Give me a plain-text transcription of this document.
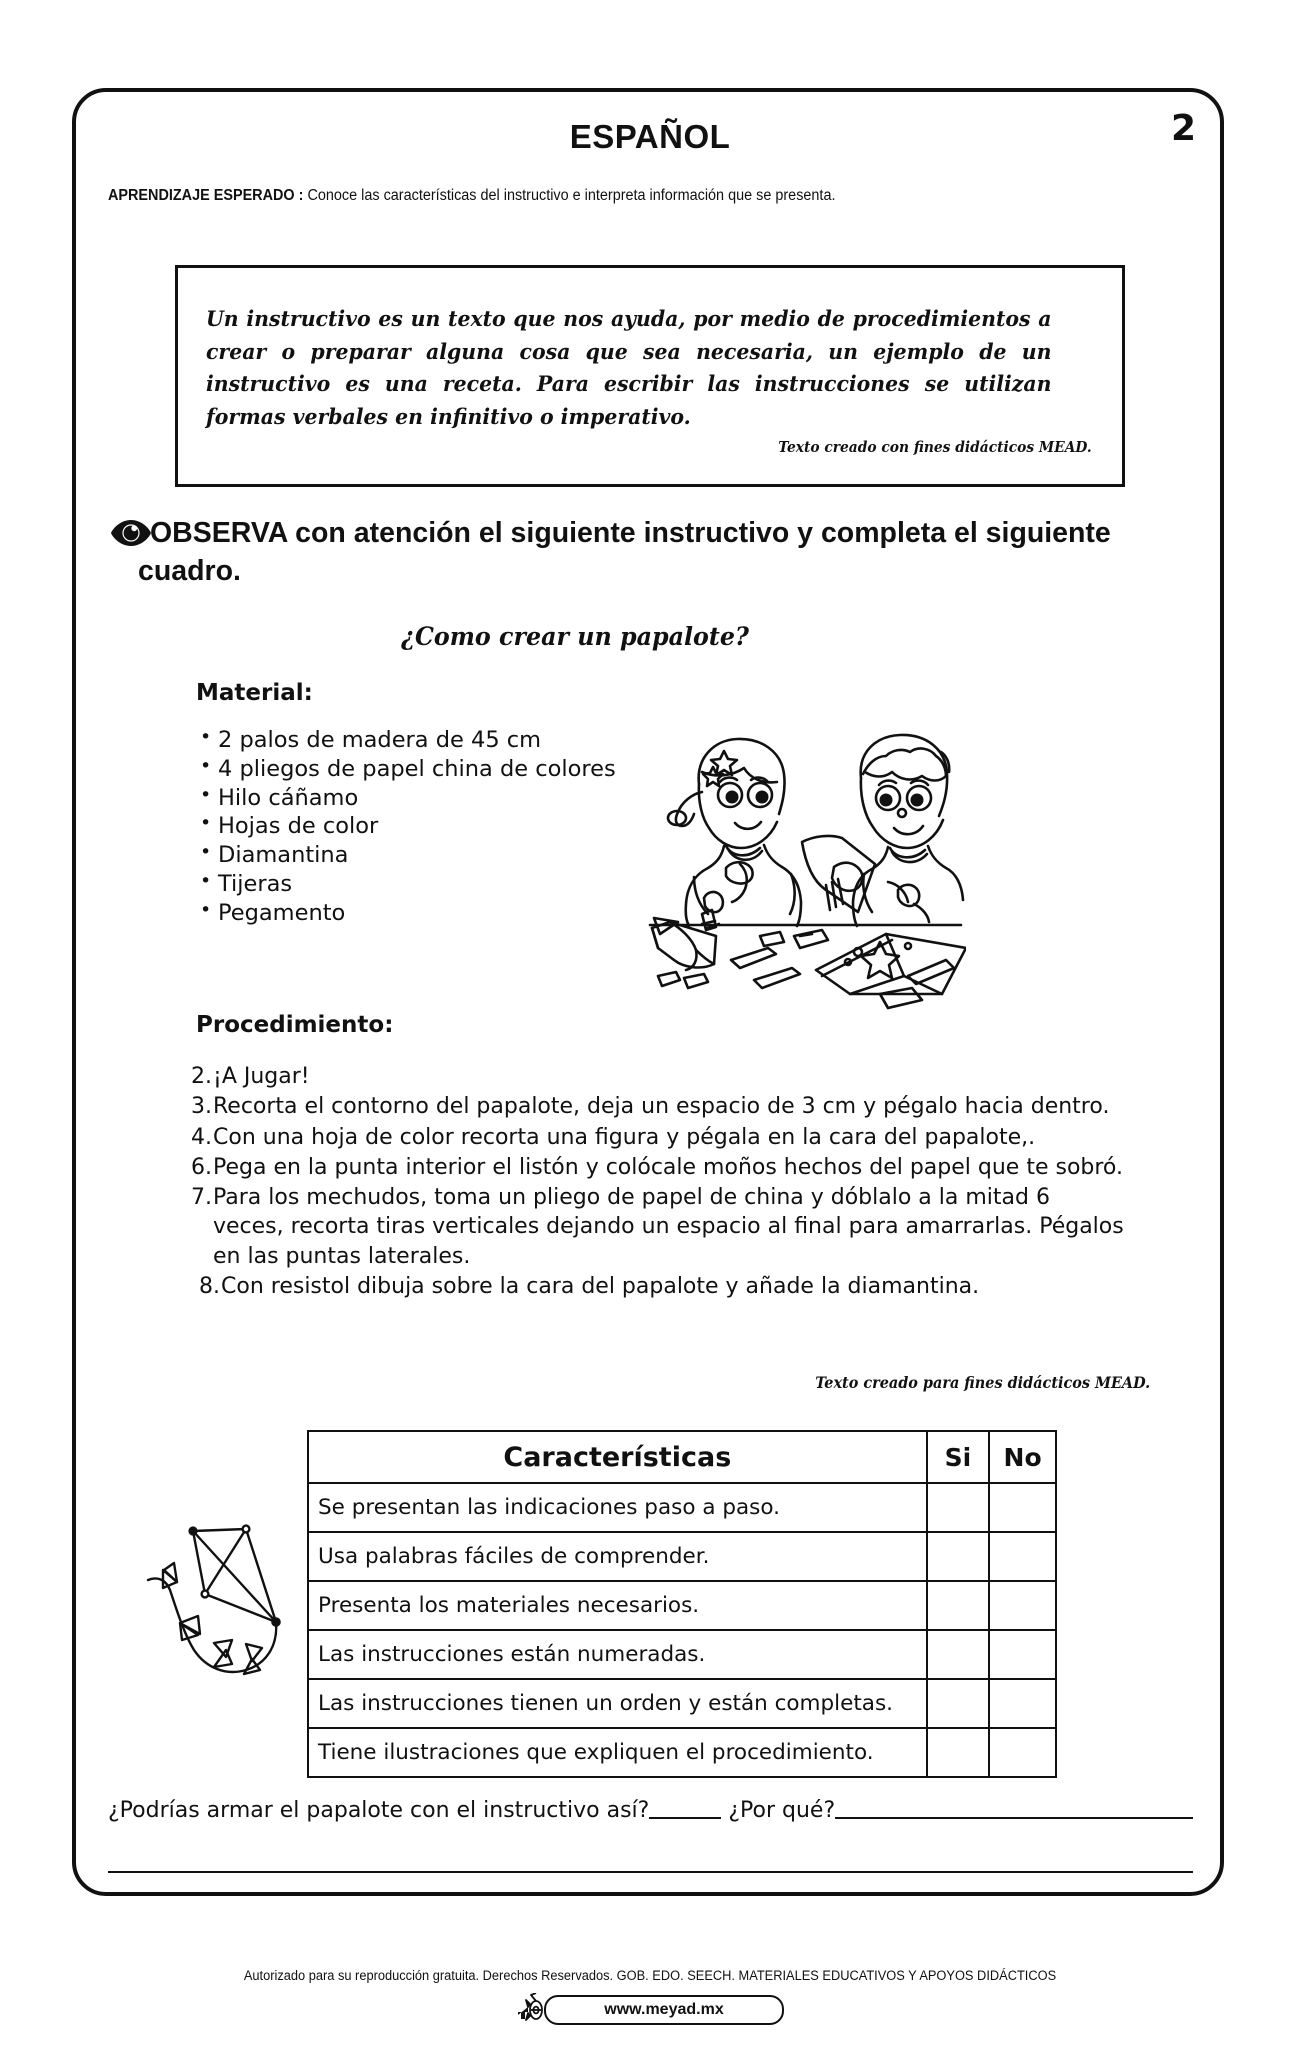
ESPAÑOL	2
APRENDIZAJE ESPERADO : Conoce las características del instructivo e interpreta información que se presenta.
Un instructivo es un texto que nos ayuda, por medio de procedimientos a crear o preparar alguna cosa que sea necesaria, un ejemplo de un instructivo es una receta. Para escribir las instrucciones se utilizan formas verbales en infinitivo o imperativo.
Texto creado con fines didácticos MEAD.
OBSERVA con atención el siguiente instructivo y completa el siguiente
cuadro.
¿Como crear un papalote?
Material:
• 2 palos de madera de 45 cm
• 4 pliegos de papel china de colores
• Hilo cáñamo
• Hojas de color
• Diamantina
• Tijeras
• Pegamento
Procedimiento:
2. ¡A Jugar!
3. Recorta el contorno del papalote, deja un espacio de 3 cm y pégalo hacia dentro.
4. Con una hoja de color recorta una figura y pégala en la cara del papalote,.
6. Pega en la punta interior el listón y colócale moños hechos del papel que te sobró.
7. Para los mechudos, toma un pliego de papel de china y dóblalo a la mitad 6 veces, recorta tiras verticales dejando un espacio al final para amarrarlas. Pégalos en las puntas laterales.
8. Con resistol dibuja sobre la cara del papalote y añade la diamantina.
Texto creado para fines didácticos MEAD.
Características	Si	No
Se presentan las indicaciones paso a paso.		
Usa palabras fáciles de comprender.		
Presenta los materiales necesarios.		
Las instrucciones están numeradas.		
Las instrucciones tienen un orden y están completas.		
Tiene ilustraciones que expliquen el procedimiento.		
¿Podrías armar el papalote con el instructivo así?	¿Por qué?
Autorizado para su reproducción gratuita. Derechos Reservados. GOB. EDO. SEECH. MATERIALES EDUCATIVOS Y APOYOS DIDÁCTICOS
www.meyad.mx
